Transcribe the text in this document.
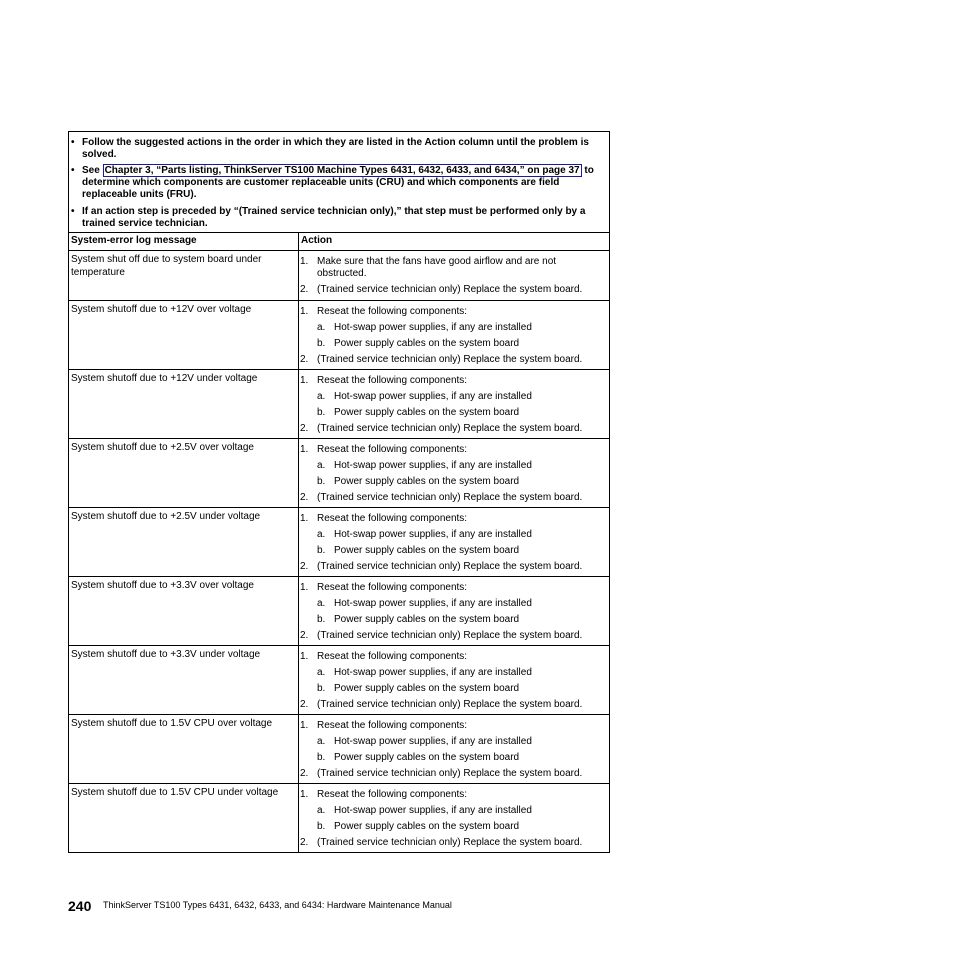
• Follow the suggested actions in the order in which they are listed in the Action column until the problem is solved.
• See Chapter 3, “Parts listing, ThinkServer TS100 Machine Types 6431, 6432, 6433, and 6434,” on page 37 to determine which components are customer replaceable units (CRU) and which components are field replaceable units (FRU).
• If an action step is preceded by “(Trained service technician only),” that step must be performed only by a trained service technician.
System-error log message	Action
System shut off due to system board under temperature
1. Make sure that the fans have good airflow and are not
obstructed.
2. (Trained service technician only) Replace the system board.
System shutoff due to +12V over voltage	1. Reseat the following components:
a. Hot-swap power supplies, if any are installed
b. Power supply cables on the system board
2. (Trained service technician only) Replace the system board.
System shutoff due to +12V under voltage	1. Reseat the following components:
a. Hot-swap power supplies, if any are installed
b. Power supply cables on the system board
2. (Trained service technician only) Replace the system board.
System shutoff due to +2.5V over voltage	1. Reseat the following components:
a. Hot-swap power supplies, if any are installed
b. Power supply cables on the system board
2. (Trained service technician only) Replace the system board.
System shutoff due to +2.5V under voltage	1. Reseat the following components:
a. Hot-swap power supplies, if any are installed
b. Power supply cables on the system board
2. (Trained service technician only) Replace the system board.
System shutoff due to +3.3V over voltage	1. Reseat the following components:
a. Hot-swap power supplies, if any are installed
b. Power supply cables on the system board
2. (Trained service technician only) Replace the system board.
System shutoff due to +3.3V under voltage	1. Reseat the following components:
a. Hot-swap power supplies, if any are installed
b. Power supply cables on the system board
2. (Trained service technician only) Replace the system board.
System shutoff due to 1.5V CPU over voltage	1. Reseat the following components:
a. Hot-swap power supplies, if any are installed
b. Power supply cables on the system board
2. (Trained service technician only) Replace the system board.
System shutoff due to 1.5V CPU under voltage	1. Reseat the following components:
a. Hot-swap power supplies, if any are installed
b. Power supply cables on the system board
2. (Trained service technician only) Replace the system board.
240 ThinkServer TS100 Types 6431, 6432, 6433, and 6434: Hardware Maintenance Manual
